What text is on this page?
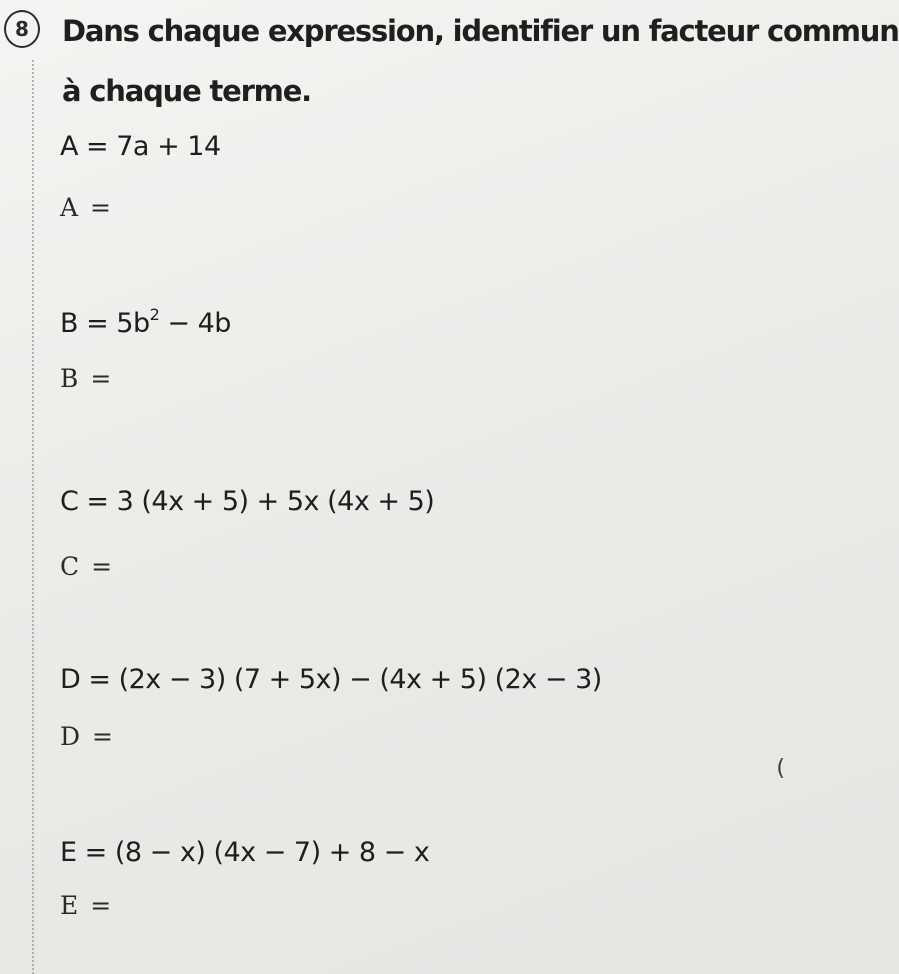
8	Dans chaque expression, identifier un facteur commun
à chaque terme.
A = 7a + 14
A =
$B = 5b^2 - 4b$
B =
C = 3 (4x + 5) + 5x (4x + 5)
C =
D = (2x − 3) (7 + 5x) − (4x + 5) (2x − 3)
D =
E = (8 − x) (4x − 7) + 8 − x
E =
(
